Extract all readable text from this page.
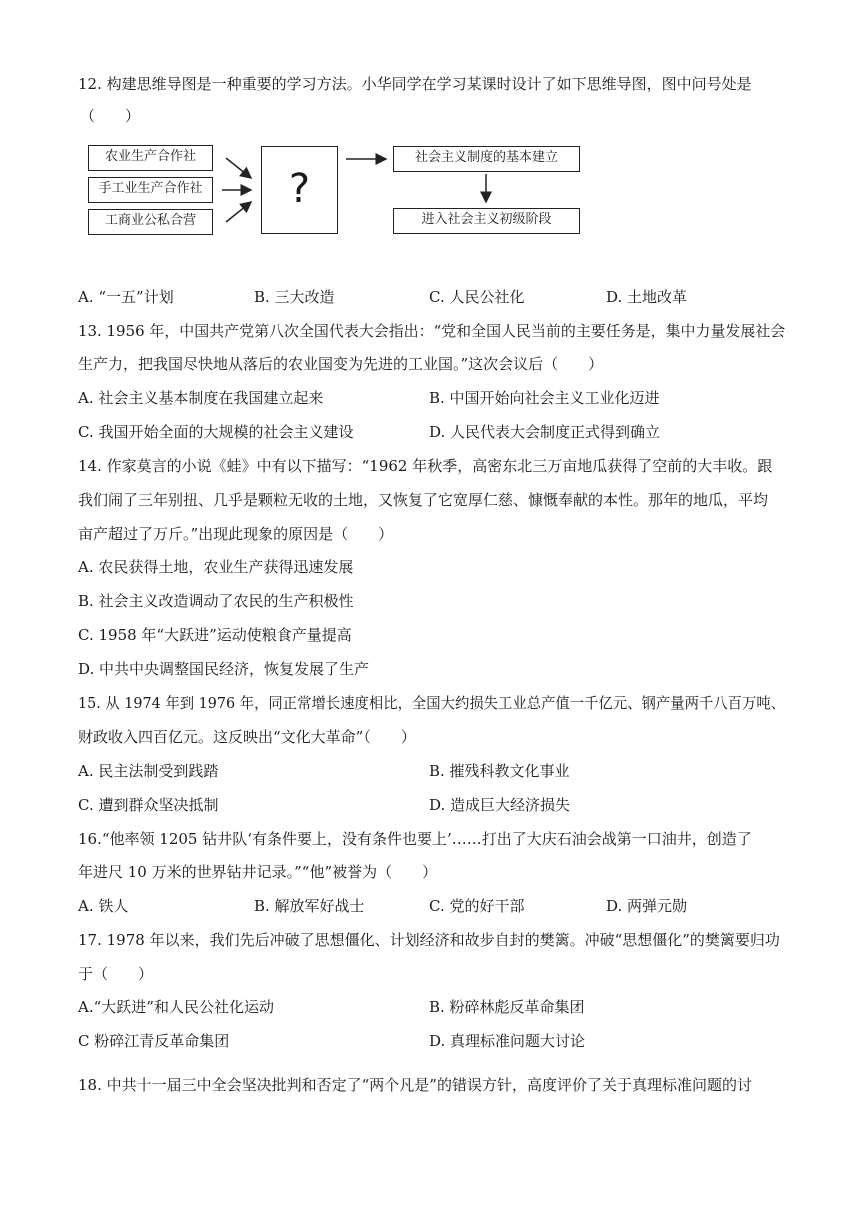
12. 构建思维导图是一种重要的学习方法。小华同学在学习某课时设计了如下思维导图，图中问号处是
（　　）
农业生产合作社
手工业生产合作社
工商业公私合营
?
社会主义制度的基本建立
进入社会主义初级阶段
A. “一五”计划	B. 三大改造	C. 人民公社化	D. 土地改革
13. 1956 年，中国共产党第八次全国代表大会指出：“党和全国人民当前的主要任务是，集中力量发展社会
生产力，把我国尽快地从落后的农业国变为先进的工业国。”这次会议后（　　）
A. 社会主义基本制度在我国建立起来	B. 中国开始向社会主义工业化迈进
C. 我国开始全面的大规模的社会主义建设	D. 人民代表大会制度正式得到确立
14. 作家莫言的小说《蛙》中有以下描写：“1962 年秋季，高密东北三万亩地瓜获得了空前的大丰收。跟
我们闹了三年别扭、几乎是颗粒无收的土地，又恢复了它宽厚仁慈、慷慨奉献的本性。那年的地瓜，平均
亩产超过了万斤。”出现此现象的原因是（　　）
A. 农民获得土地，农业生产获得迅速发展
B. 社会主义改造调动了农民的生产积极性
C. 1958 年“大跃进”运动使粮食产量提高
D. 中共中央调整国民经济，恢复发展了生产
15. 从 1974 年到 1976 年，同正常增长速度相比，全国大约损失工业总产值一千亿元、钢产量两千八百万吨、
财政收入四百亿元。这反映出“文化大革命”（　　）
A. 民主法制受到践踏	B. 摧残科教文化事业
C. 遭到群众坚决抵制	D. 造成巨大经济损失
16.“他率领 1205 钻井队‘有条件要上，没有条件也要上’……打出了大庆石油会战第一口油井，创造了
年进尺 10 万米的世界钻井记录。”“他”被誉为（　　）
A. 铁人	B. 解放军好战士	C. 党的好干部	D. 两弹元勋
17. 1978 年以来，我们先后冲破了思想僵化、计划经济和故步自封的樊篱。冲破“思想僵化”的樊篱要归功
于（　　）
A.“大跃进”和人民公社化运动	B. 粉碎林彪反革命集团
C 粉碎江青反革命集团	D. 真理标准问题大讨论
18. 中共十一届三中全会坚决批判和否定了“两个凡是”的错误方针，高度评价了关于真理标准问题的讨
